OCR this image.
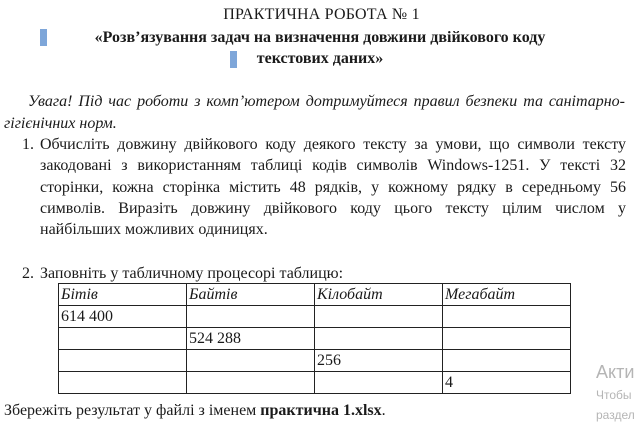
ПРАКТИЧНА РОБОТА № 1
«Розв’язування задач на визначення довжини двійкового коду
текстових даних»
Увага! Під час роботи з комп’ютером дотримуйтеся правил безпеки та санітарно-гігієнічних норм.
1. Обчисліть довжину двійкового коду деякого тексту за умови, що символи тексту закодовані з використанням таблиці кодів символів Windows-1251. У тексті 32 сторінки, кожна сторінка містить 48 рядків, у кожному рядку в середньому 56 символів. Виразіть довжину двійкового коду цього тексту цілим числом у найбільших можливих одиницях.
2. Заповніть у табличному процесорі таблицю:
Бітів	Байтів	Кілобайт	Мегабайт
614 400			
	524 288		
		256	
			4
Збережіть результат у файлі з іменем практична 1.xlsx.
Акти
Чтобы
раздел
